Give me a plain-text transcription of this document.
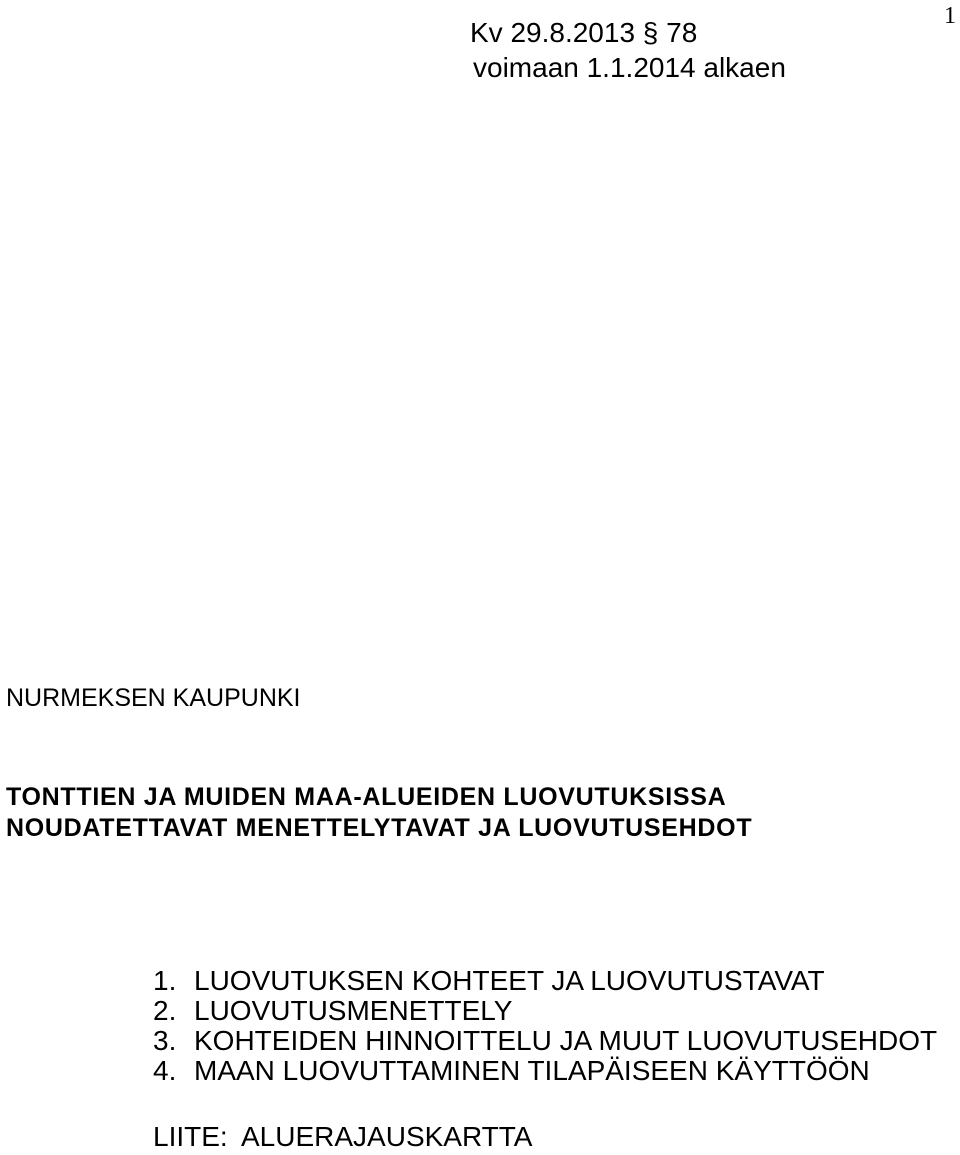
1
Kv 29.8.2013 § 78
voimaan 1.1.2014 alkaen
NURMEKSEN KAUPUNKI
TONTTIEN JA MUIDEN MAA-ALUEIDEN LUOVUTUKSISSA
NOUDATETTAVAT MENETTELYTAVAT JA LUOVUTUSEHDOT
1. LUOVUTUKSEN KOHTEET JA LUOVUTUSTAVAT
2. LUOVUTUSMENETTELY
3. KOHTEIDEN HINNOITTELU JA MUUT LUOVUTUSEHDOT
4. MAAN LUOVUTTAMINEN TILAPÄISEEN KÄYTTÖÖN
LIITE: ALUERAJAUSKARTTA
